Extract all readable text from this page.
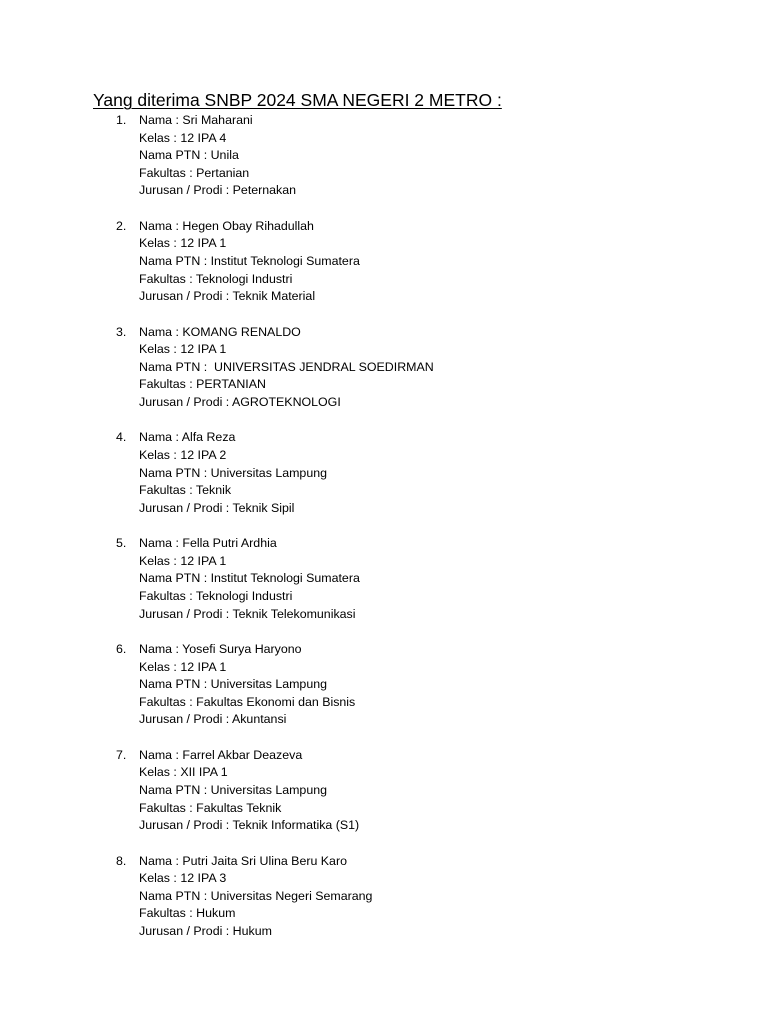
Yang diterima SNBP 2024 SMA NEGERI 2 METRO :
1. Nama : Sri Maharani
Kelas : 12 IPA 4
Nama PTN : Unila
Fakultas : Pertanian
Jurusan / Prodi : Peternakan
2. Nama : Hegen Obay Rihadullah
Kelas : 12 IPA 1
Nama PTN : Institut Teknologi Sumatera
Fakultas : Teknologi Industri
Jurusan / Prodi : Teknik Material
3. Nama : KOMANG RENALDO
Kelas : 12 IPA 1
Nama PTN :  UNIVERSITAS JENDRAL SOEDIRMAN
Fakultas : PERTANIAN
Jurusan / Prodi : AGROTEKNOLOGI
4. Nama : Alfa Reza
Kelas : 12 IPA 2
Nama PTN : Universitas Lampung
Fakultas : Teknik
Jurusan / Prodi : Teknik Sipil
5. Nama : Fella Putri Ardhia
Kelas : 12 IPA 1
Nama PTN : Institut Teknologi Sumatera
Fakultas : Teknologi Industri
Jurusan / Prodi : Teknik Telekomunikasi
6. Nama : Yosefi Surya Haryono
Kelas : 12 IPA 1
Nama PTN : Universitas Lampung
Fakultas : Fakultas Ekonomi dan Bisnis
Jurusan / Prodi : Akuntansi
7. Nama : Farrel Akbar Deazeva
Kelas : XII IPA 1
Nama PTN : Universitas Lampung
Fakultas : Fakultas Teknik
Jurusan / Prodi : Teknik Informatika (S1)
8. Nama : Putri Jaita Sri Ulina Beru Karo
Kelas : 12 IPA 3
Nama PTN : Universitas Negeri Semarang
Fakultas : Hukum
Jurusan / Prodi : Hukum
